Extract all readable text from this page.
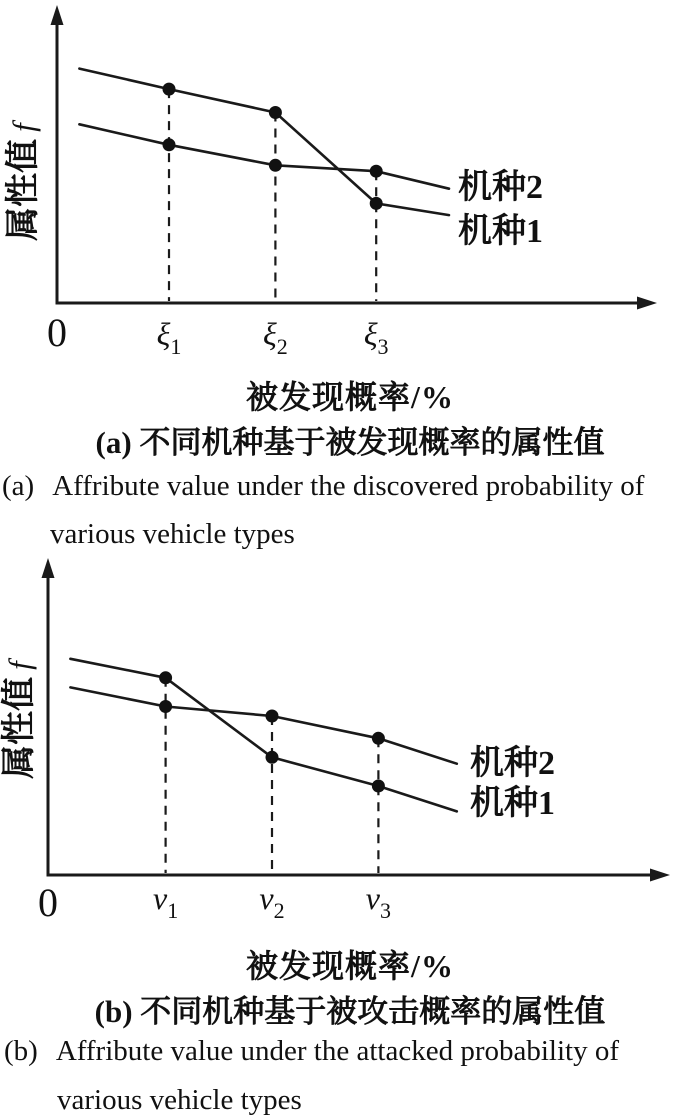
属性值f
0	ξ1	ξ2 ξ3
机种2
机种1
被发现概率/%
(a) 不同机种基于被发现概率的属性值
(a) Affribute value under the discovered probability of
various vehicle types
属性值f
0	v1	v2	v3
机种2
机种1
被发现概率/%
(b) 不同机种基于被攻击概率的属性值
(b) Affribute value under the attacked probability of
various vehicle types
